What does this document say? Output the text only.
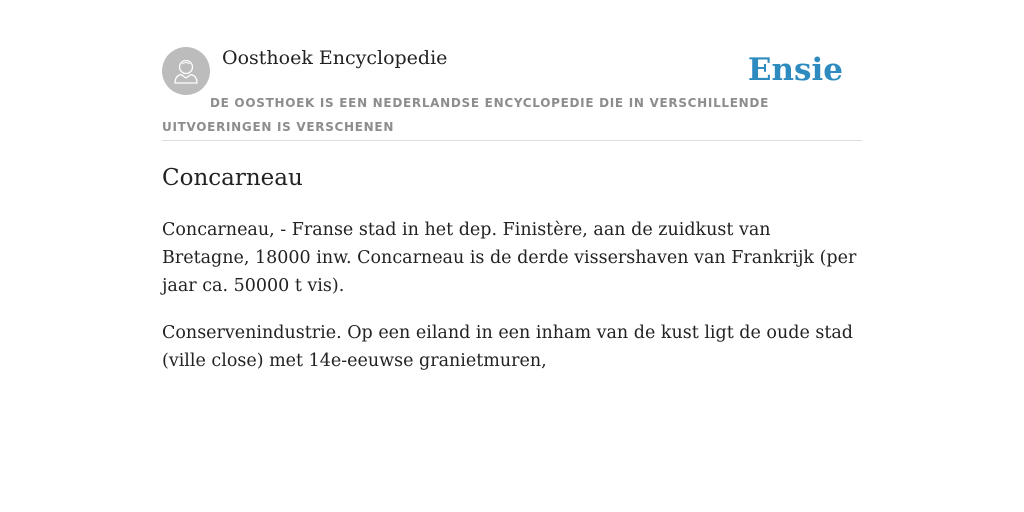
Oosthoek Encyclopedie	Ensie

DE OOSTHOEK IS EEN NEDERLANDSE ENCYCLOPEDIE DIE IN VERSCHILLENDE UITVOERINGEN IS VERSCHENEN

Concarneau

Concarneau, - Franse stad in het dep. Finistère, aan de zuidkust van Bretagne, 18000 inw. Concarneau is de derde vissershaven van Frankrijk (per jaar ca. 50000 t vis).

Conservenindustrie. Op een eiland in een inham van de kust ligt de oude stad (ville close) met 14e-eeuwse granietmuren,
